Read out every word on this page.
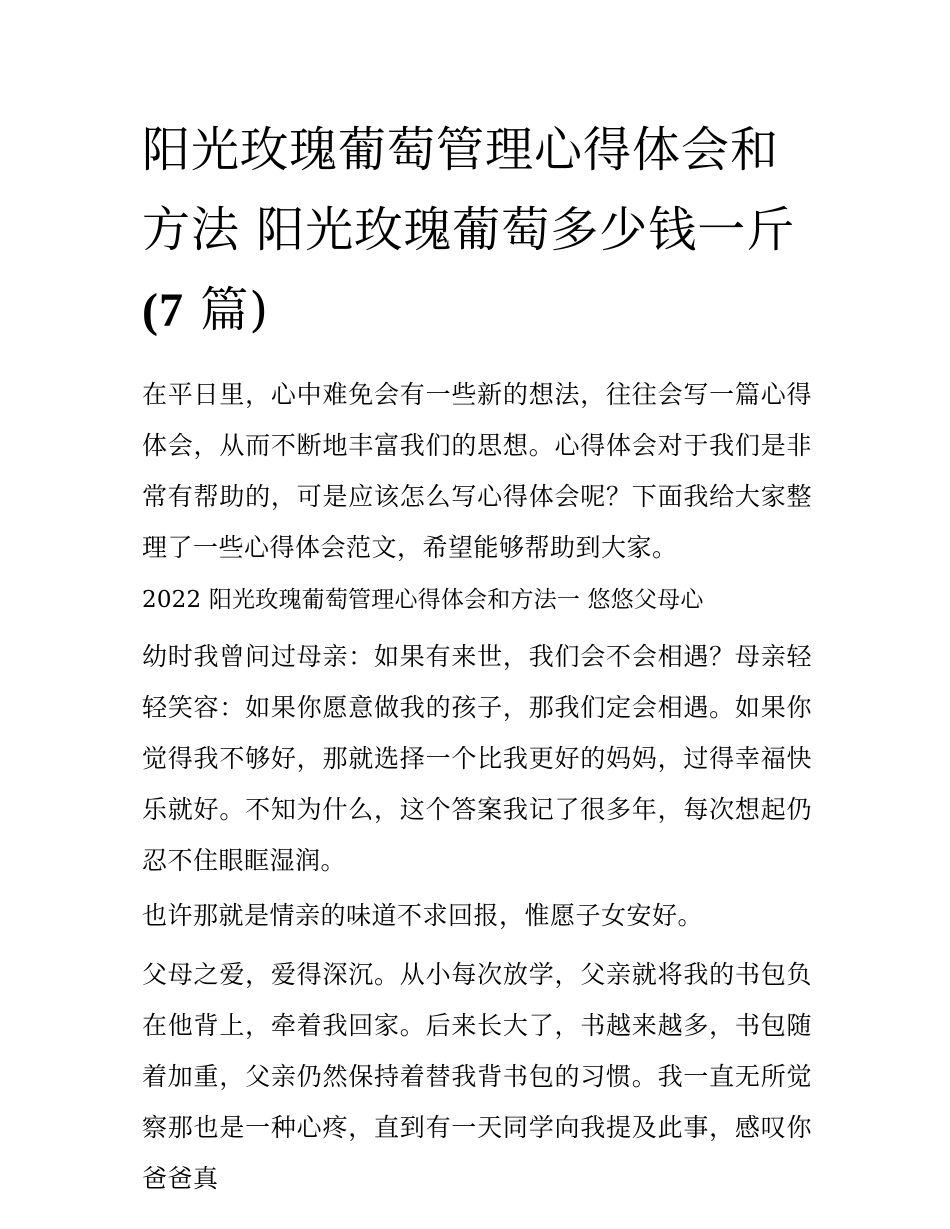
阳光玫瑰葡萄管理心得体会和
方法 阳光玫瑰葡萄多少钱一斤
(7 篇)

在平日里，心中难免会有一些新的想法，往往会写一篇心得体会，从而不断地丰富我们的思想。心得体会对于我们是非常有帮助的，可是应该怎么写心得体会呢？下面我给大家整理了一些心得体会范文，希望能够帮助到大家。

2022 阳光玫瑰葡萄管理心得体会和方法一 悠悠父母心

幼时我曾问过母亲：如果有来世，我们会不会相遇？母亲轻轻笑容：如果你愿意做我的孩子，那我们定会相遇。如果你觉得我不够好，那就选择一个比我更好的妈妈，过得幸福快乐就好。不知为什么，这个答案我记了很多年，每次想起仍忍不住眼眶湿润。

也许那就是情亲的味道不求回报，惟愿子女安好。

父母之爱，爱得深沉。从小每次放学，父亲就将我的书包负在他背上，牵着我回家。后来长大了，书越来越多，书包随着加重，父亲仍然保持着替我背书包的习惯。我一直无所觉察那也是一种心疼，直到有一天同学向我提及此事，感叹你爸爸真
